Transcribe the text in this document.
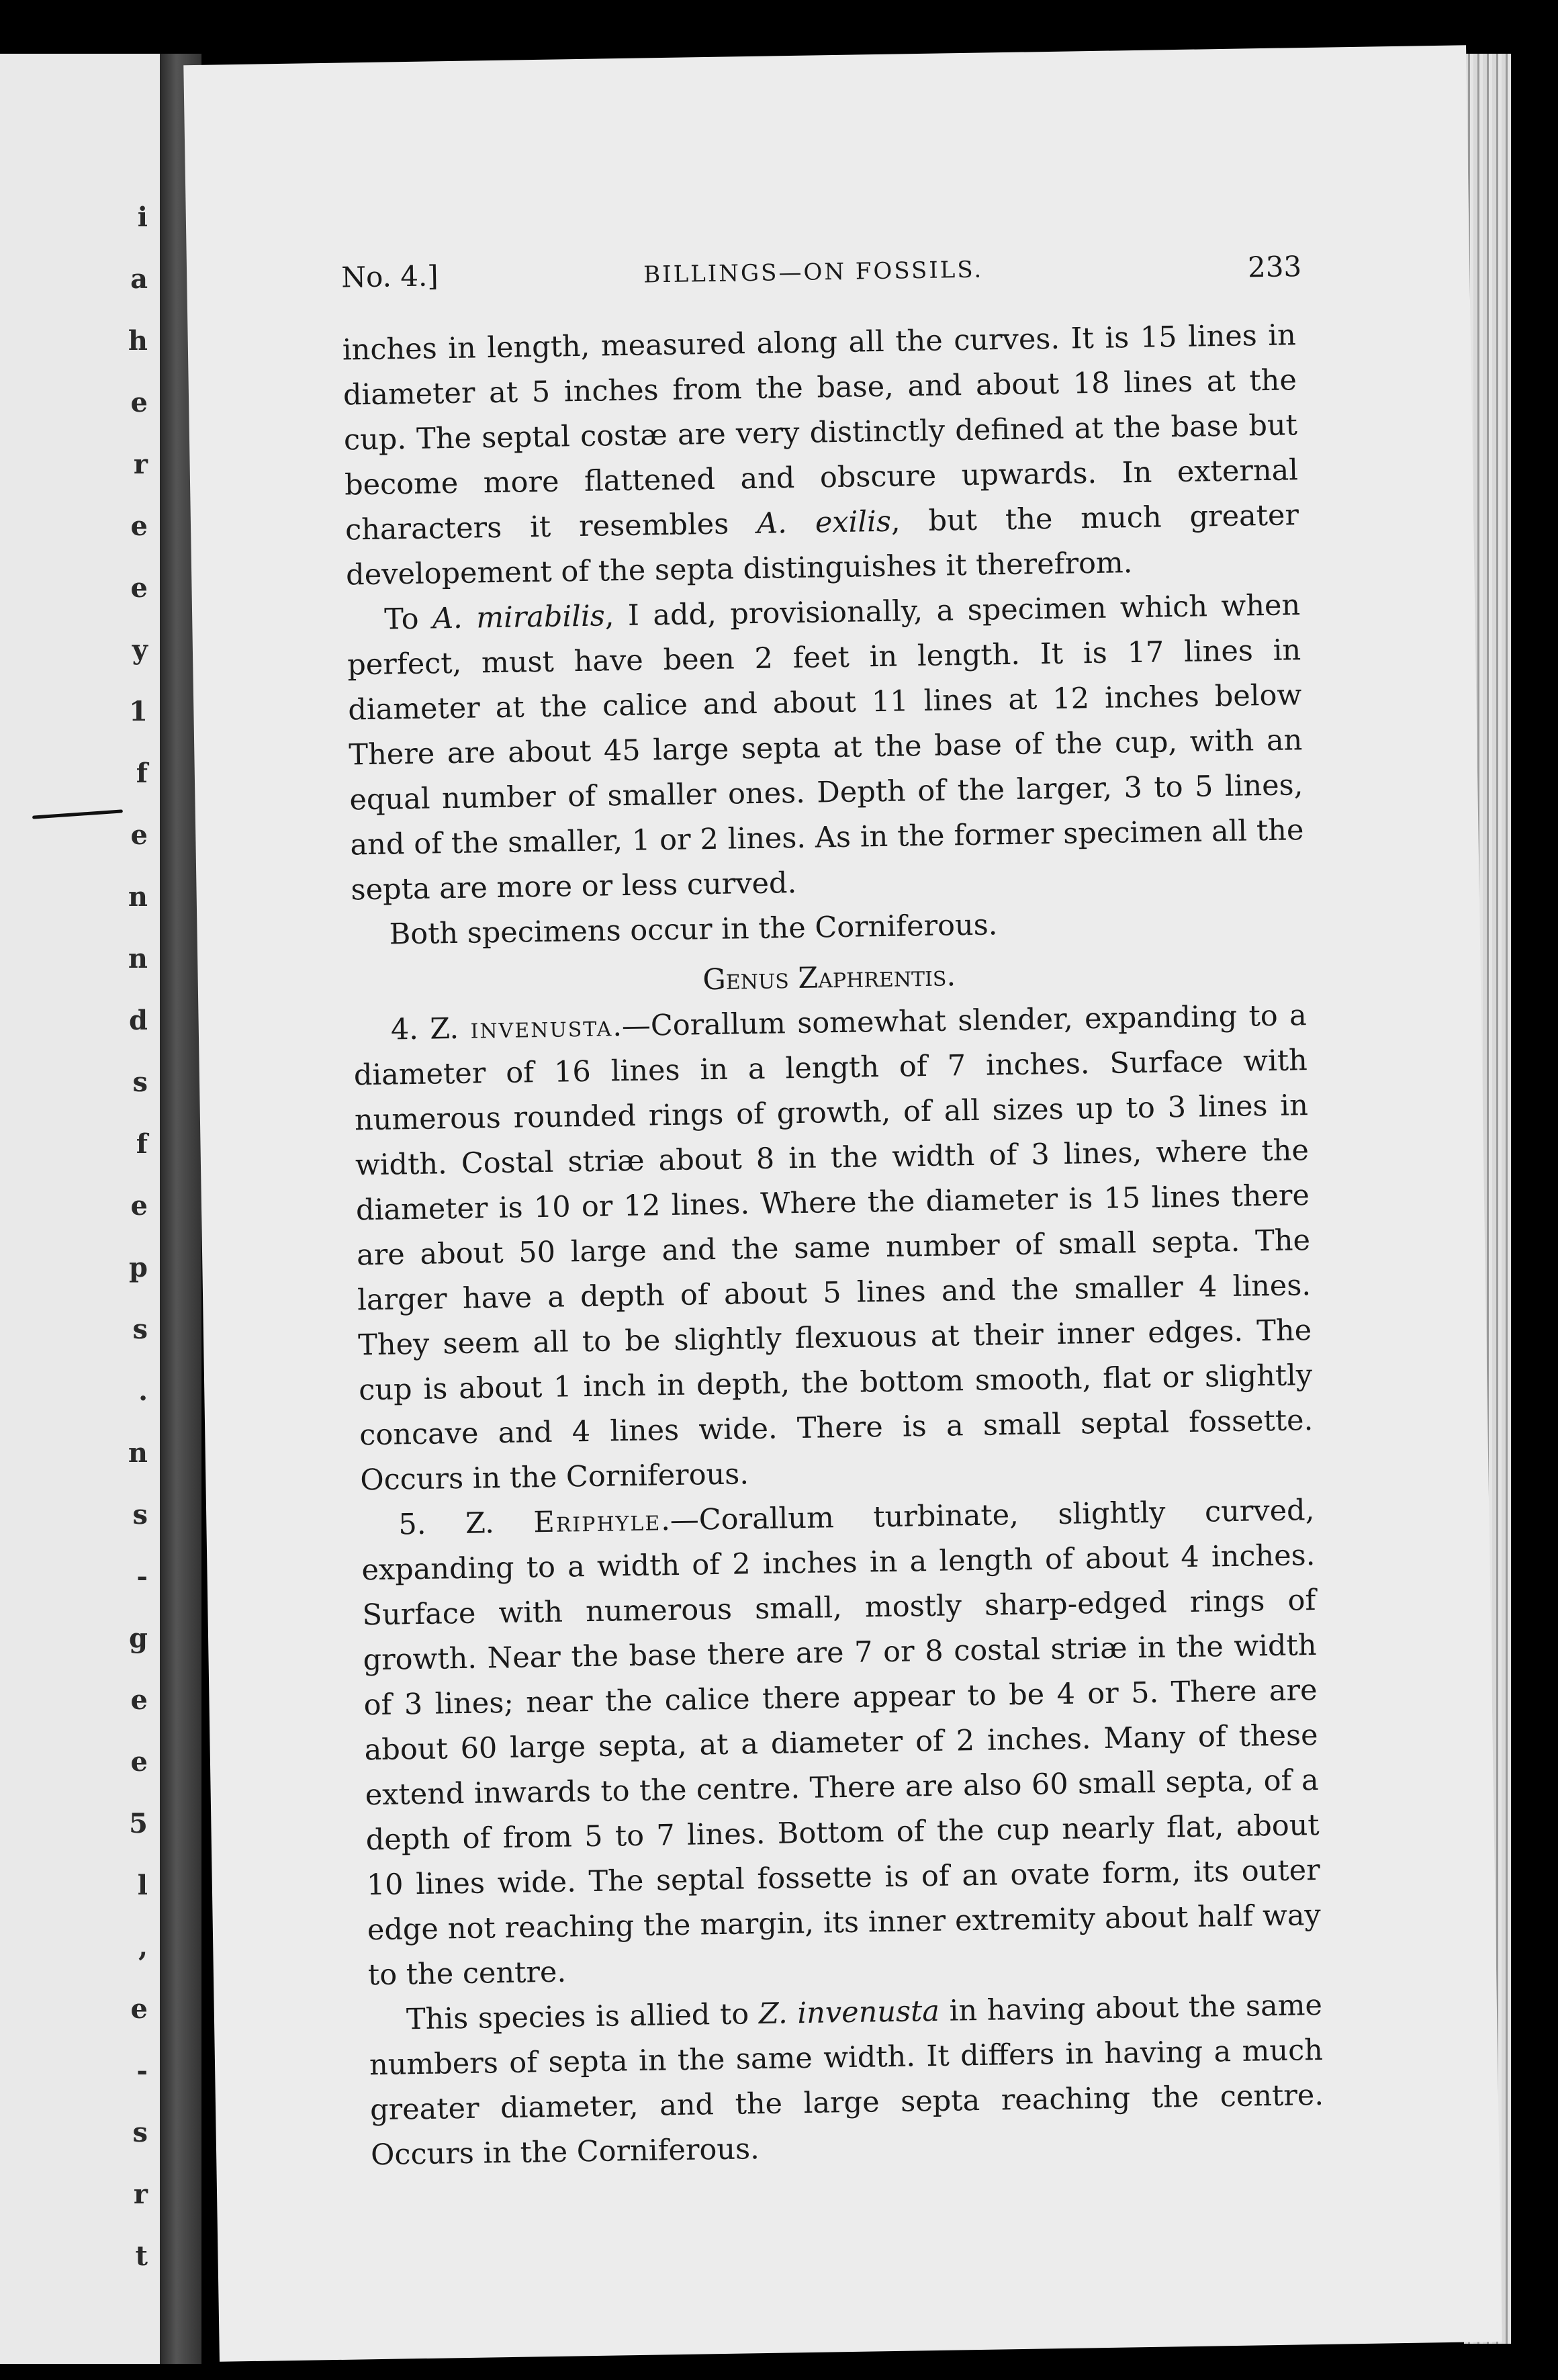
i
a
h
e
r
e
e
y
1
f
e
n
n
d
s
f
e
p
s
.
n
s
-
g
e
e
5
l
,
e
-
s
r
t
No. 4.]	BILLINGS—ON FOSSILS.	233

inches in length, measured along all the curves. It is 15 lines in diameter at 5 inches from the base, and about 18 lines at the cup. The septal costæ are very distinctly defined at the base but become more flattened and obscure upwards. In external characters it resembles A. exilis, but the much greater developement of the septa distinguishes it therefrom.

To A. mirabilis, I add, provisionally, a specimen which when perfect, must have been 2 feet in length. It is 17 lines in diameter at the calice and about 11 lines at 12 inches below There are about 45 large septa at the base of the cup, with an equal number of smaller ones. Depth of the larger, 3 to 5 lines, and of the smaller, 1 or 2 lines. As in the former specimen all the septa are more or less curved.

Both specimens occur in the Corniferous.

Genus Zaphrentis.

4. Z. invenusta.—Corallum somewhat slender, expanding to a diameter of 16 lines in a length of 7 inches. Surface with numerous rounded rings of growth, of all sizes up to 3 lines in width. Costal striæ about 8 in the width of 3 lines, where the diameter is 10 or 12 lines. Where the diameter is 15 lines there are about 50 large and the same number of small septa. The larger have a depth of about 5 lines and the smaller 4 lines. They seem all to be slightly flexuous at their inner edges. The cup is about 1 inch in depth, the bottom smooth, flat or slightly concave and 4 lines wide. There is a small septal fossette. Occurs in the Corniferous.

5. Z. Eriphyle.—Corallum turbinate, slightly curved, expanding to a width of 2 inches in a length of about 4 inches. Surface with numerous small, mostly sharp-edged rings of growth. Near the base there are 7 or 8 costal striæ in the width of 3 lines; near the calice there appear to be 4 or 5. There are about 60 large septa, at a diameter of 2 inches. Many of these extend inwards to the centre. There are also 60 small septa, of a depth of from 5 to 7 lines. Bottom of the cup nearly flat, about 10 lines wide. The septal fossette is of an ovate form, its outer edge not reaching the margin, its inner extremity about half way to the centre.

This species is allied to Z. invenusta in having about the same numbers of septa in the same width. It differs in having a much greater diameter, and the large septa reaching the centre. Occurs in the Corniferous.
